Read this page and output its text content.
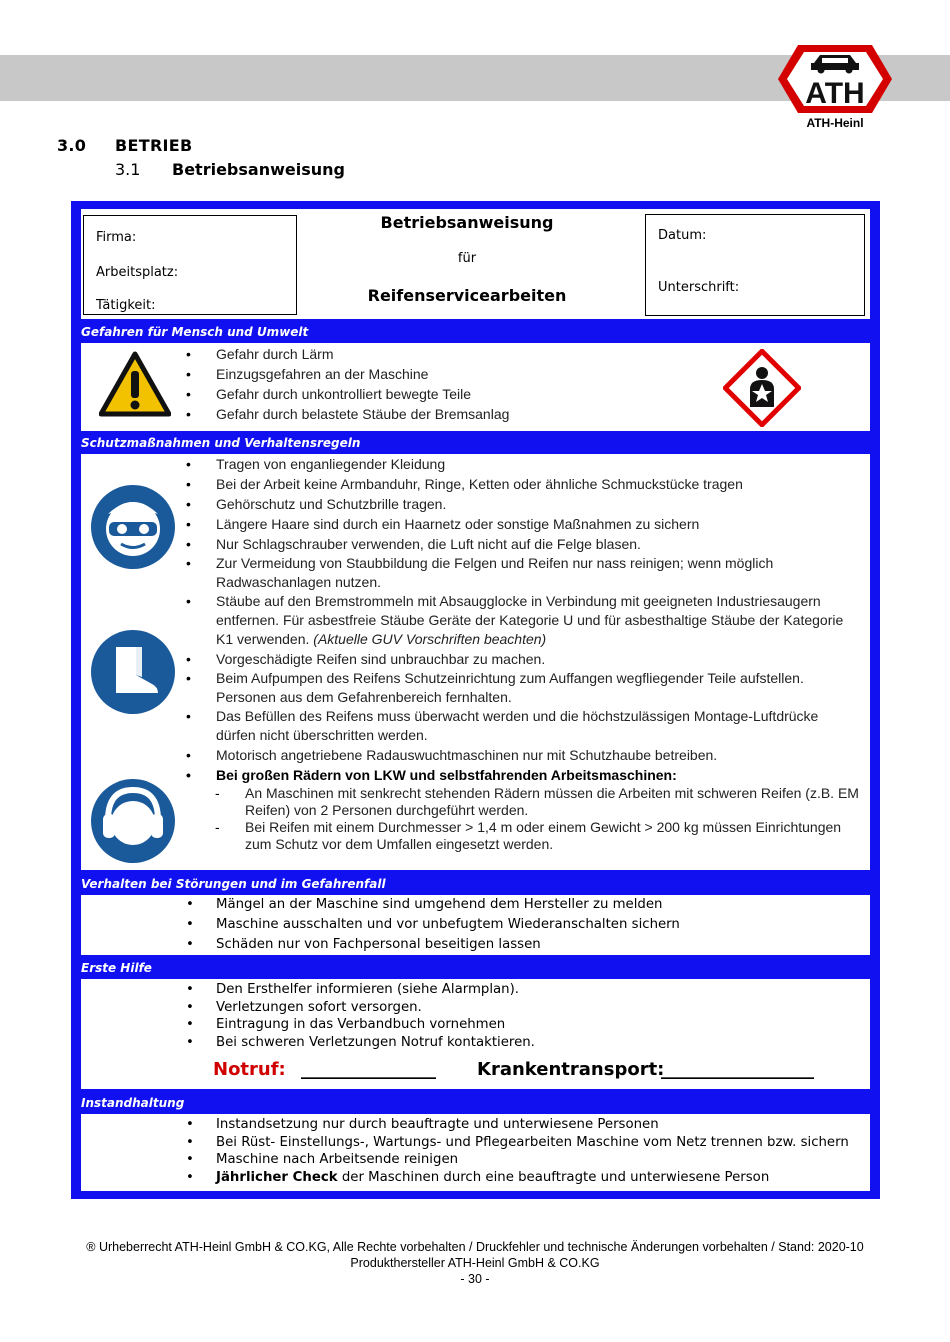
ATH
ATH-Heinl
3.0 BETRIEB
3.1 Betriebsanweisung
Firma:
Arbeitsplatz:
Tätigkeit:
Betriebsanweisung
für
Reifenservicearbeiten
Datum:
Unterschrift:
Gefahren für Mensch und Umwelt
• Gefahr durch Lärm
• Einzugsgefahren an der Maschine
• Gefahr durch unkontrolliert bewegte Teile
• Gefahr durch belastete Stäube der Bremsanlag
Schutzmaßnahmen und Verhaltensregeln
• Tragen von enganliegender Kleidung
• Bei der Arbeit keine Armbanduhr, Ringe, Ketten oder ähnliche Schmuckstücke tragen
• Gehörschutz und Schutzbrille tragen.
• Längere Haare sind durch ein Haarnetz oder sonstige Maßnahmen zu sichern
• Nur Schlagschrauber verwenden, die Luft nicht auf die Felge blasen.
• Zur Vermeidung von Staubbildung die Felgen und Reifen nur nass reinigen; wenn möglich Radwaschanlagen nutzen.
• Stäube auf den Bremstrommeln mit Absaugglocke in Verbindung mit geeigneten Industriesaugern entfernen. Für asbestfreie Stäube Geräte der Kategorie U und für asbesthaltige Stäube der Kategorie K1 verwenden. (Aktuelle GUV Vorschriften beachten)
• Vorgeschädigte Reifen sind unbrauchbar zu machen.
• Beim Aufpumpen des Reifens Schutzeinrichtung zum Auffangen wegfliegender Teile aufstellen. Personen aus dem Gefahrenbereich fernhalten.
• Das Befüllen des Reifens muss überwacht werden und die höchstzulässigen Montage-Luftdrücke dürfen nicht überschritten werden.
• Motorisch angetriebene Radauswuchtmaschinen nur mit Schutzhaube betreiben.
• Bei großen Rädern von LKW und selbstfahrenden Arbeitsmaschinen:
- An Maschinen mit senkrecht stehenden Rädern müssen die Arbeiten mit schweren Reifen (z.B. EM Reifen) von 2 Personen durchgeführt werden.
- Bei Reifen mit einem Durchmesser > 1,4 m oder einem Gewicht > 200 kg müssen Einrichtungen zum Schutz vor dem Umfallen eingesetzt werden.
Verhalten bei Störungen und im Gefahrenfall
• Mängel an der Maschine sind umgehend dem Hersteller zu melden
• Maschine ausschalten und vor unbefugtem Wiederanschalten sichern
• Schäden nur von Fachpersonal beseitigen lassen
Erste Hilfe
• Den Ersthelfer informieren (siehe Alarmplan).
• Verletzungen sofort versorgen.
• Eintragung in das Verbandbuch vornehmen
• Bei schweren Verletzungen Notruf kontaktieren.
Notruf: _______________ Krankentransport:
_________________
Instandhaltung
• Instandsetzung nur durch beauftragte und unterwiesene Personen
• Bei Rüst- Einstellungs-, Wartungs- und Pflegearbeiten Maschine vom Netz trennen bzw. sichern
• Maschine nach Arbeitsende reinigen
• Jährlicher Check der Maschinen durch eine beauftragte und unterwiesene Person
® Urheberrecht ATH-Heinl GmbH & CO.KG, Alle Rechte vorbehalten / Druckfehler und technische Änderungen vorbehalten / Stand: 2020-10
Produkthersteller ATH-Heinl GmbH & CO.KG
- 30 -
